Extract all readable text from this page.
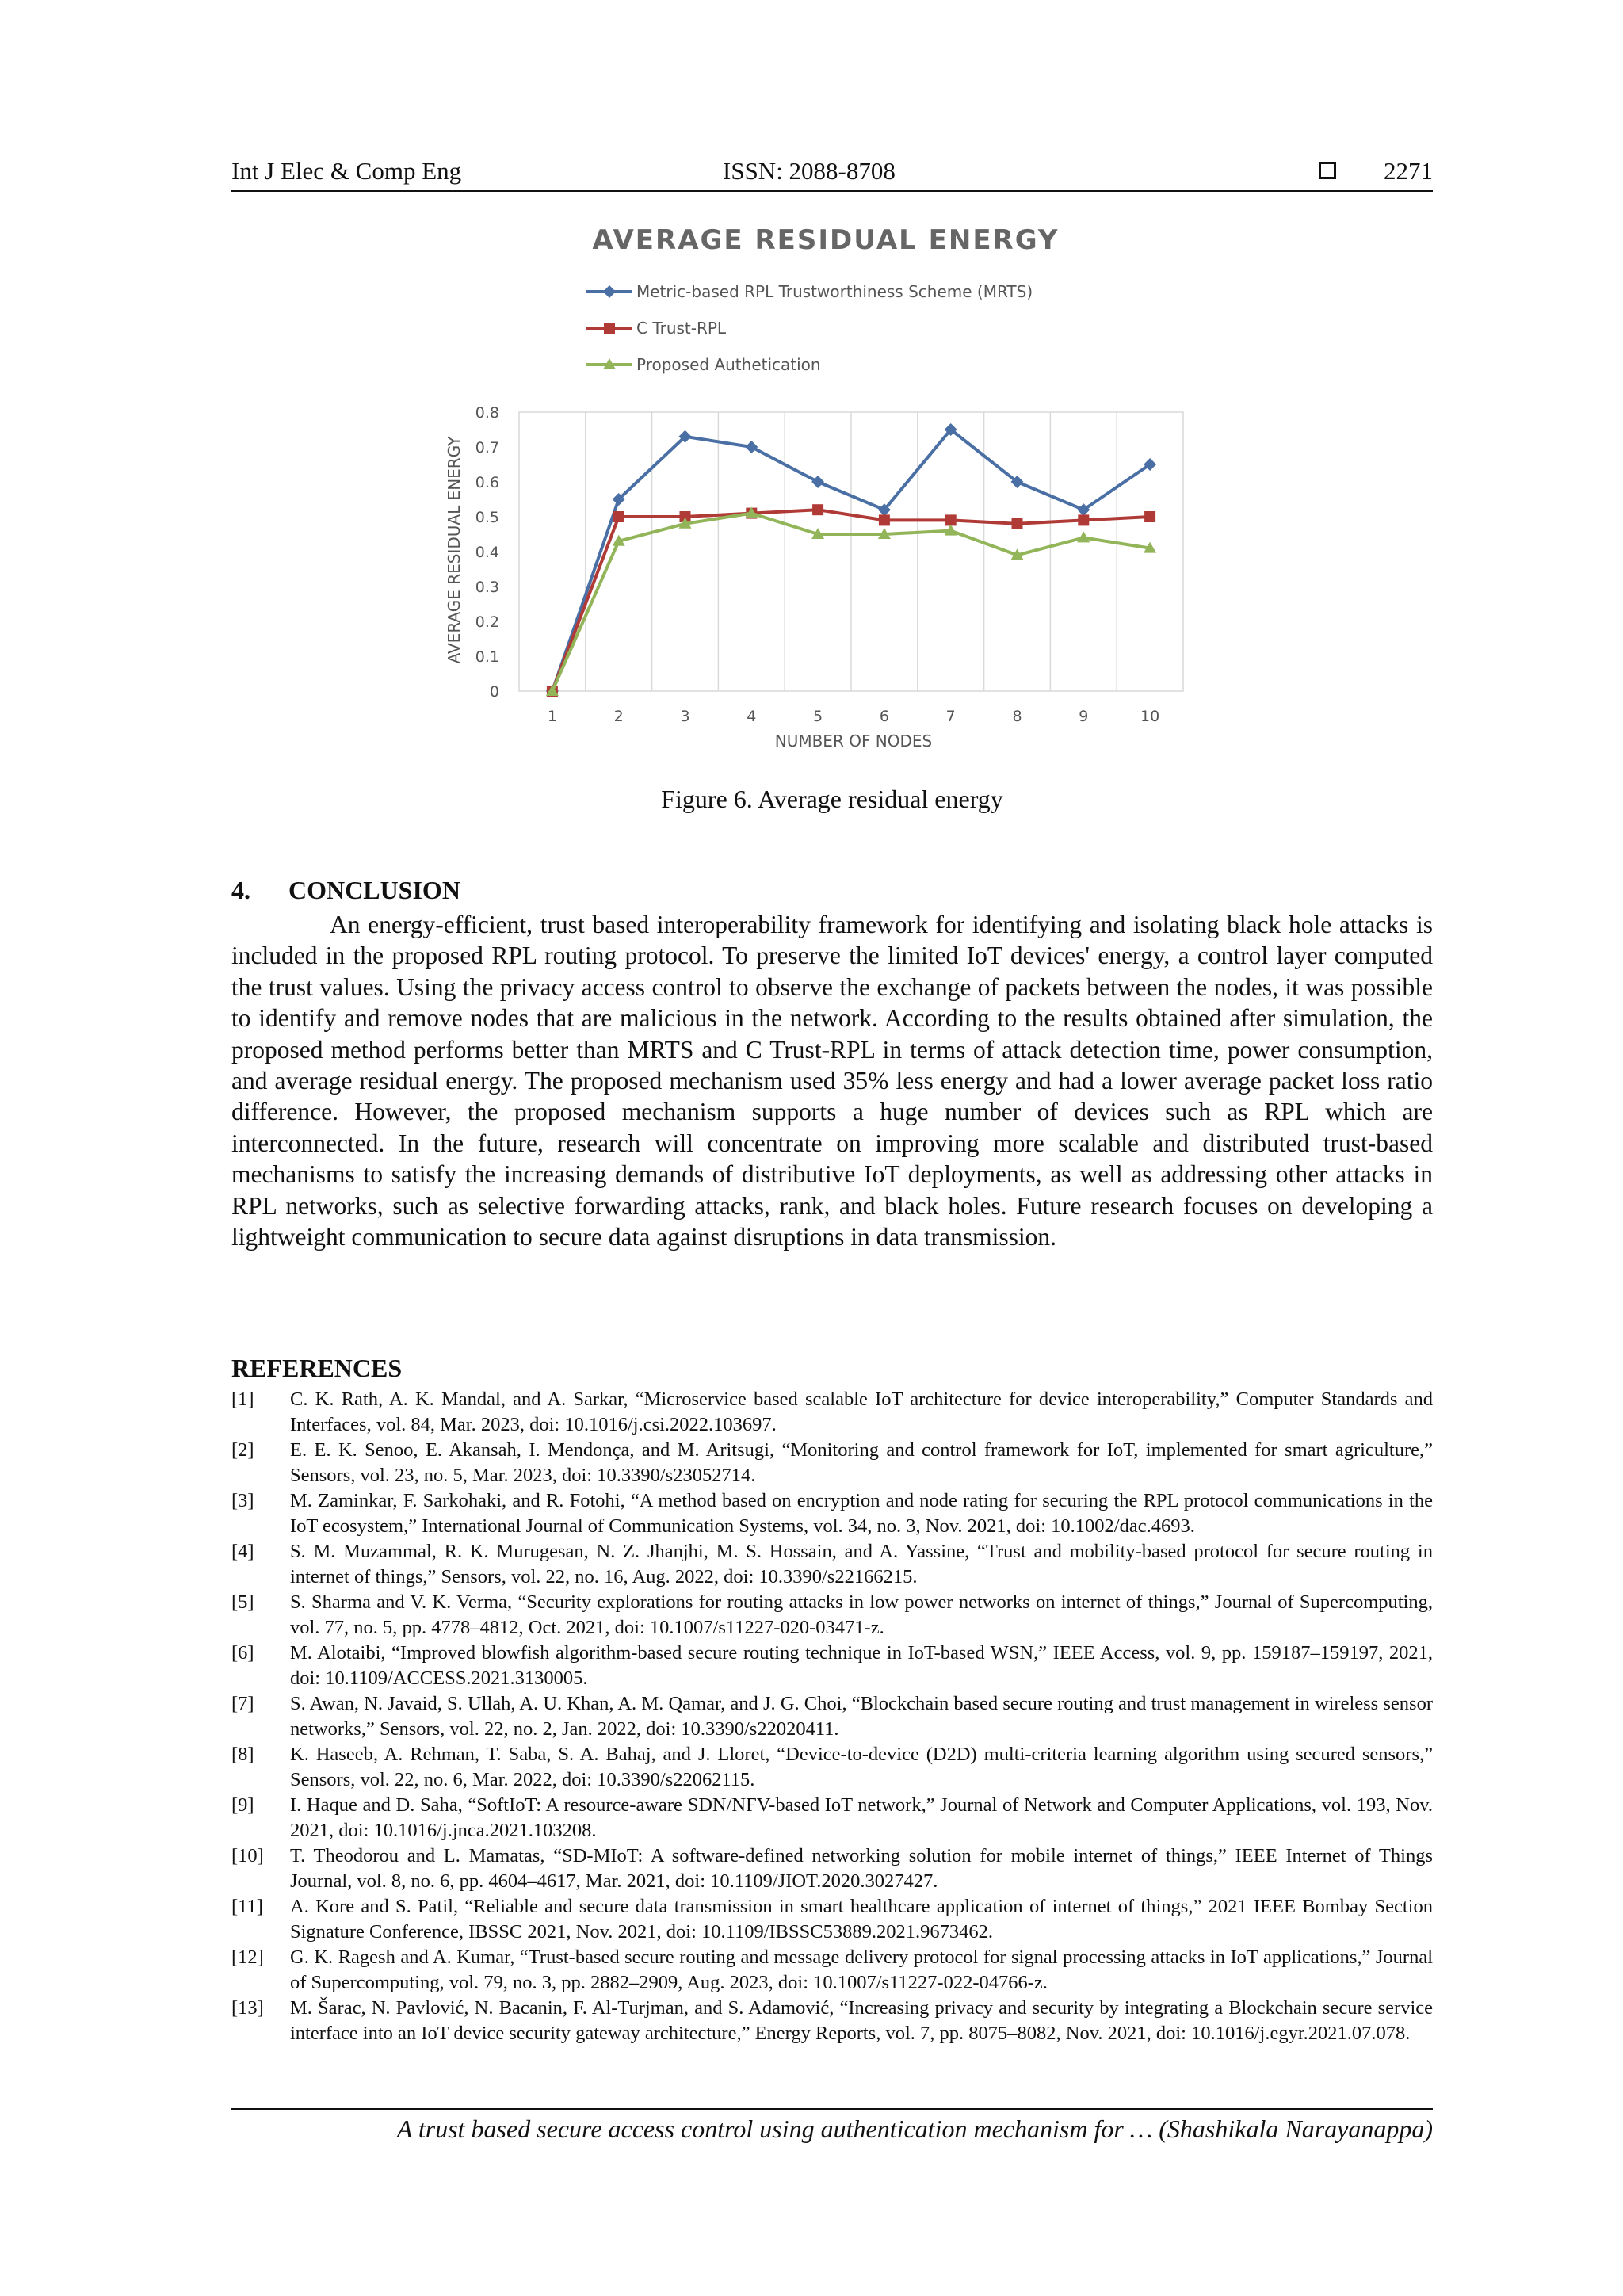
Int J Elec & Comp Eng	ISSN: 2088-8708	2271
AVERAGE RESIDUAL ENERGY
Metric-based RPL Trustworthiness Scheme (MRTS)
C Trust-RPL
Proposed Authetication
0
0.1
0.2
0.3
0.4
0.5
0.6
0.7
0.8
1	2	3	4	5	6	7	8	9	10
AVERAGE RESIDUAL ENERGY
NUMBER OF NODES
Figure 6. Average residual energy
4. CONCLUSION
An energy-efficient, trust based interoperability framework for identifying and isolating black hole attacks is included in the proposed RPL routing protocol. To preserve the limited IoT devices' energy, a control layer computed the trust values. Using the privacy access control to observe the exchange of packets between the nodes, it was possible to identify and remove nodes that are malicious in the network. According to the results obtained after simulation, the proposed method performs better than MRTS and C Trust-RPL in terms of attack detection time, power consumption, and average residual energy. The proposed mechanism used 35% less energy and had a lower average packet loss ratio difference. However, the proposed mechanism supports a huge number of devices such as RPL which are interconnected. In the future, research will concentrate on improving more scalable and distributed trust-based mechanisms to satisfy the increasing demands of distributive IoT deployments, as well as addressing other attacks in RPL networks, such as selective forwarding attacks, rank, and black holes. Future research focuses on developing a lightweight communication to secure data against disruptions in data transmission.
REFERENCES
[1]	C. K. Rath, A. K. Mandal, and A. Sarkar, “Microservice based scalable IoT architecture for device interoperability,” Computer Standards and Interfaces, vol. 84, Mar. 2023, doi: 10.1016/j.csi.2022.103697.
[2]	E. E. K. Senoo, E. Akansah, I. Mendonça, and M. Aritsugi, “Monitoring and control framework for IoT, implemented for smart agriculture,” Sensors, vol. 23, no. 5, Mar. 2023, doi: 10.3390/s23052714.
[3]	M. Zaminkar, F. Sarkohaki, and R. Fotohi, “A method based on encryption and node rating for securing the RPL protocol communications in the IoT ecosystem,” International Journal of Communication Systems, vol. 34, no. 3, Nov. 2021, doi: 10.1002/dac.4693.
[4]	S. M. Muzammal, R. K. Murugesan, N. Z. Jhanjhi, M. S. Hossain, and A. Yassine, “Trust and mobility-based protocol for secure routing in internet of things,” Sensors, vol. 22, no. 16, Aug. 2022, doi: 10.3390/s22166215.
[5]	S. Sharma and V. K. Verma, “Security explorations for routing attacks in low power networks on internet of things,” Journal of Supercomputing, vol. 77, no. 5, pp. 4778–4812, Oct. 2021, doi: 10.1007/s11227-020-03471-z.
[6]	M. Alotaibi, “Improved blowfish algorithm-based secure routing technique in IoT-based WSN,” IEEE Access, vol. 9, pp. 159187–159197, 2021, doi: 10.1109/ACCESS.2021.3130005.
[7]	S. Awan, N. Javaid, S. Ullah, A. U. Khan, A. M. Qamar, and J. G. Choi, “Blockchain based secure routing and trust management in wireless sensor networks,” Sensors, vol. 22, no. 2, Jan. 2022, doi: 10.3390/s22020411.
[8]	K. Haseeb, A. Rehman, T. Saba, S. A. Bahaj, and J. Lloret, “Device-to-device (D2D) multi-criteria learning algorithm using secured sensors,” Sensors, vol. 22, no. 6, Mar. 2022, doi: 10.3390/s22062115.
[9]	I. Haque and D. Saha, “SoftIoT: A resource-aware SDN/NFV-based IoT network,” Journal of Network and Computer Applications, vol. 193, Nov. 2021, doi: 10.1016/j.jnca.2021.103208.
[10]	T. Theodorou and L. Mamatas, “SD-MIoT: A software-defined networking solution for mobile internet of things,” IEEE Internet of Things Journal, vol. 8, no. 6, pp. 4604–4617, Mar. 2021, doi: 10.1109/JIOT.2020.3027427.
[11]	A. Kore and S. Patil, “Reliable and secure data transmission in smart healthcare application of internet of things,” 2021 IEEE Bombay Section Signature Conference, IBSSC 2021, Nov. 2021, doi: 10.1109/IBSSC53889.2021.9673462.
[12]	G. K. Ragesh and A. Kumar, “Trust-based secure routing and message delivery protocol for signal processing attacks in IoT applications,” Journal of Supercomputing, vol. 79, no. 3, pp. 2882–2909, Aug. 2023, doi: 10.1007/s11227-022-04766-z.
[13]	M. Šarac, N. Pavlović, N. Bacanin, F. Al-Turjman, and S. Adamović, “Increasing privacy and security by integrating a Blockchain secure service interface into an IoT device security gateway architecture,” Energy Reports, vol. 7, pp. 8075–8082, Nov. 2021, doi: 10.1016/j.egyr.2021.07.078.
A trust based secure access control using authentication mechanism for … (Shashikala Narayanappa)
